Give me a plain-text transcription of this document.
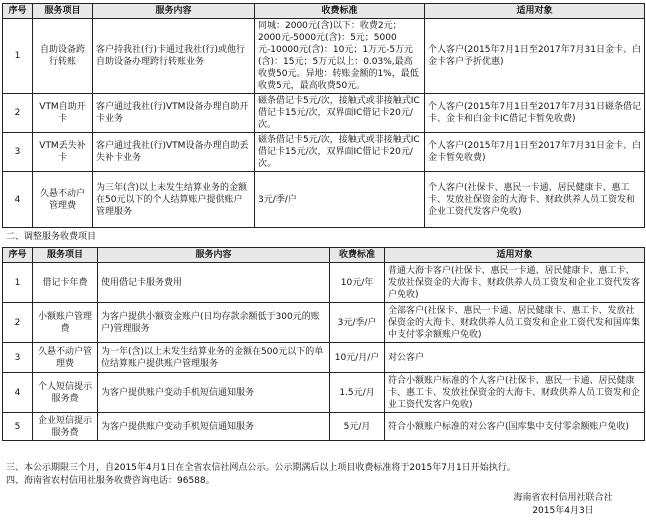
序号	服务项目	服务内容	收费标准	适用对象
1	自助设备跨行转账	客户持我社(行)卡通过我社(行)或他行自助设备办理跨行转账业务	同城：2000元(含)以下：收费2元；2000元-5000元(含)：5元；5000元-10000元(含)：10元；1万元-5万元(含)：15元；5万元以上：0.03%,最高收费50元。异地：转账金额的1%，最低收费5元，最高收费50元。	个人客户(2015年7月1日至2017年7月31日金卡、白金卡客户予折优惠)
2	VTM自助开卡	客户通过我社(行)VTM设备办理自助开卡业务	磁条借记卡5元/次，接触式或非接触式IC借记卡15元/次，双界面IC借记卡20元/次。	个人客户(2015年7月1日至2017年7月31日磁条借记卡、金卡和白金卡IC借记卡暂免收费)
3	VTM丢失补卡	客户通过我社(行)VTM设备办理自助丢失补卡业务	磁条借记卡5元/次，接触式或非接触式IC借记卡15元/次，双界面IC借记卡20元/次。	个人客户(2015年7月1日至2017年7月31日金卡、白金卡暂免收费)
4	久悬不动户管理费	为三年(含)以上未发生结算业务的金额在50元以下的个人结算账户提供账户管理服务	3元/季/户	个人客户(社保卡、惠民一卡通、居民健康卡、惠工卡、发放社保资金的大海卡、财政供养人员工资发和企业工资代发客户免收)
二、调整服务收费项目
序号	服务项目	服务内容	收费标准	适用对象
1	借记卡年费	使用借记卡服务费用	10元/年	普通大海卡客户(社保卡、惠民一卡通、居民健康卡、惠工卡、发放社保资金的大海卡、财政供养人员工资发和企业工资代发客户免收)
2	小额账户管理费	为客户提供小额资金账户(日均存款余额低于300元的账户)管理服务	3元/季/户	全部客户(社保卡、惠民一卡通、居民健康卡、惠工卡、发放社保资金的大海卡、财政供养人员工资发和企业工资代发和国库集中支付零余额账户免收)
3	久悬不动户管理费	为一年(含)以上未发生结算业务的金额在500元以下的单位结算账户提供账户管理服务	10元/月/户	对公客户
4	个人短信提示服务费	为客户提供账户变动手机短信通知服务	1.5元/月	符合小额账户标准的个人客户(社保卡、惠民一卡通、居民健康卡、惠工卡、发放社保资金的大海卡、财政供养人员工资发和企业工资代发客户免收)
5	企业短信提示服务费	为客户提供账户变动手机短信通知服务	5元/月	符合小额账户标准的对公客户(国库集中支付零余额账户免收)
三、本公示期限三个月，自2015年4月1日在全省农信社网点公示。公示期满后以上项目收费标准将于2015年7月1日开始执行。
四、海南省农村信用社服务收费咨询电话：96588。
海南省农村信用社联合社
2015年4月3日
